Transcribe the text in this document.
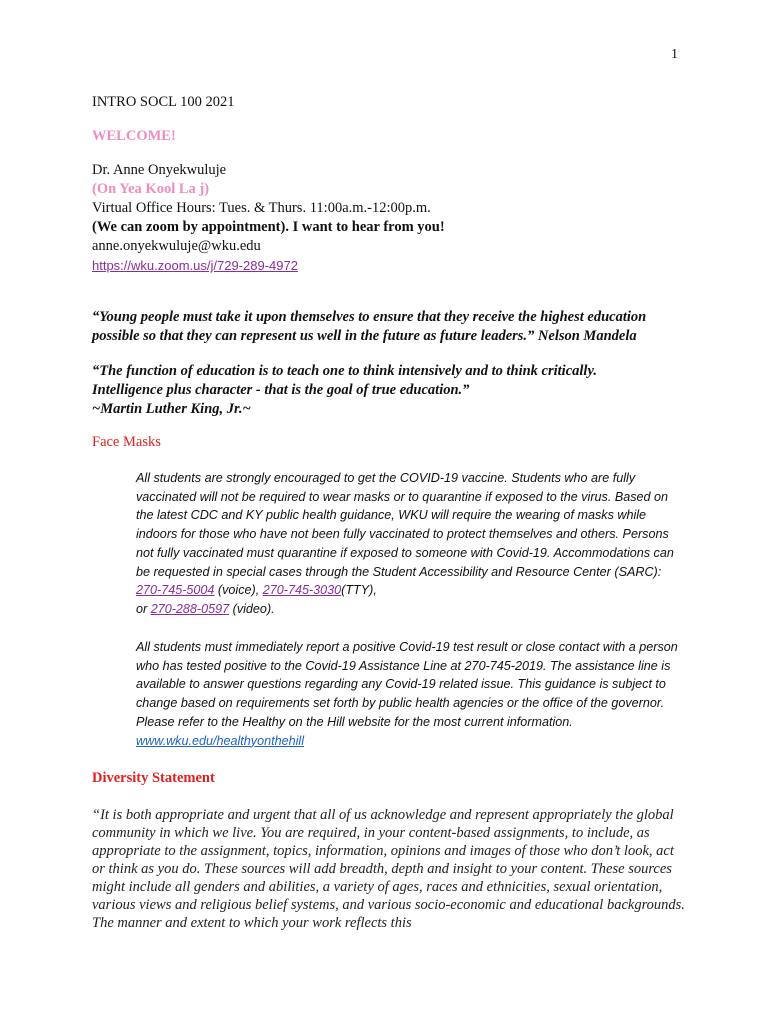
1
INTRO SOCL 100 2021
WELCOME!
Dr. Anne Onyekwuluje
(On Yea Kool La j)
Virtual Office Hours: Tues. & Thurs. 11:00a.m.-12:00p.m.
(We can zoom by appointment). I want to hear from you!
anne.onyekwuluje@wku.edu
https://wku.zoom.us/j/729-289-4972
“Young people must take it upon themselves to ensure that they receive the highest education possible so that they can represent us well in the future as future leaders.” Nelson Mandela
“The function of education is to teach one to think intensively and to think critically.
Intelligence plus character - that is the goal of true education.”
~Martin Luther King, Jr.~
Face Masks
All students are strongly encouraged to get the COVID-19 vaccine. Students who are fully vaccinated will not be required to wear masks or to quarantine if exposed to the virus. Based on the latest CDC and KY public health guidance, WKU will require the wearing of masks while indoors for those who have not been fully vaccinated to protect themselves and others. Persons not fully vaccinated must quarantine if exposed to someone with Covid-19. Accommodations can be requested in special cases through the Student Accessibility and Resource Center (SARC): 270-745-5004 (voice), 270-745-3030(TTY),
or 270-288-0597 (video).
All students must immediately report a positive Covid-19 test result or close contact with a person who has tested positive to the Covid-19 Assistance Line at 270-745-2019. The assistance line is available to answer questions regarding any Covid-19 related issue. This guidance is subject to change based on requirements set forth by public health agencies or the office of the governor. Please refer to the Healthy on the Hill website for the most current information. www.wku.edu/healthyonthehill
Diversity Statement
“It is both appropriate and urgent that all of us acknowledge and represent appropriately the global community in which we live. You are required, in your content-based assignments, to include, as appropriate to the assignment, topics, information, opinions and images of those who don’t look, act or think as you do. These sources will add breadth, depth and insight to your content. These sources might include all genders and abilities, a variety of ages, races and ethnicities, sexual orientation, various views and religious belief systems, and various socio-economic and educational backgrounds. The manner and extent to which your work reflects this
